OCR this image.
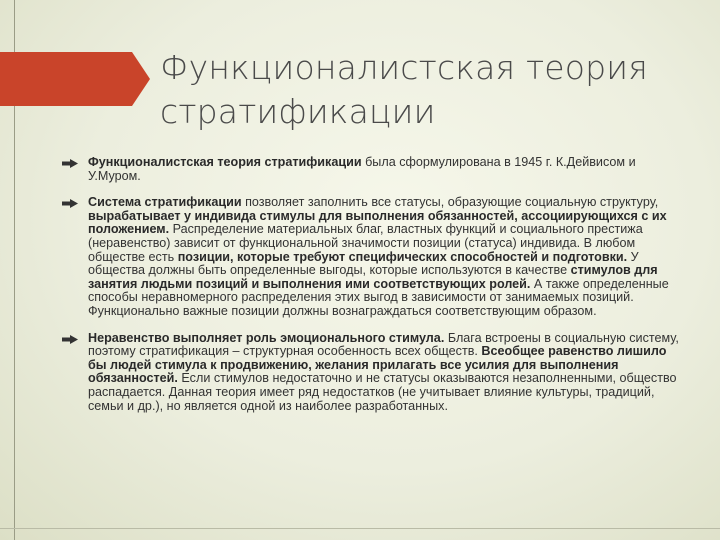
Функционалистская теория
стратификации
Функционалистская теория стратификации была сформулирована в 1945 г. К.Дейвисом и У.Муром.
Система стратификации позволяет заполнить все статусы, образующие социальную структуру, вырабатывает у индивида стимулы для выполнения обязанностей, ассоциирующихся с их положением. Распределение материальных благ, властных функций и социального престижа (неравенство) зависит от функциональной значимости позиции (статуса) индивида. В любом обществе есть позиции, которые требуют специфических способностей и подготовки. У общества должны быть определенные выгоды, которые используются в качестве стимулов для занятия людьми позиций и выполнения ими соответствующих ролей. А также определенные способы неравномерного распределения этих выгод в зависимости от занимаемых позиций. Функционально важные позиции должны вознаграждаться соответствующим образом.
Неравенство выполняет роль эмоционального стимула. Блага встроены в социальную систему, поэтому стратификация – структурная особенность всех обществ. Всеобщее равенство лишило бы людей стимула к продвижению, желания прилагать все усилия для выполнения обязанностей. Если стимулов недостаточно и не статусы оказываются незаполненными, общество распадается. Данная теория имеет ряд недостатков (не учитывает влияние культуры, традиций, семьи и др.), но является одной из наиболее разработанных.
